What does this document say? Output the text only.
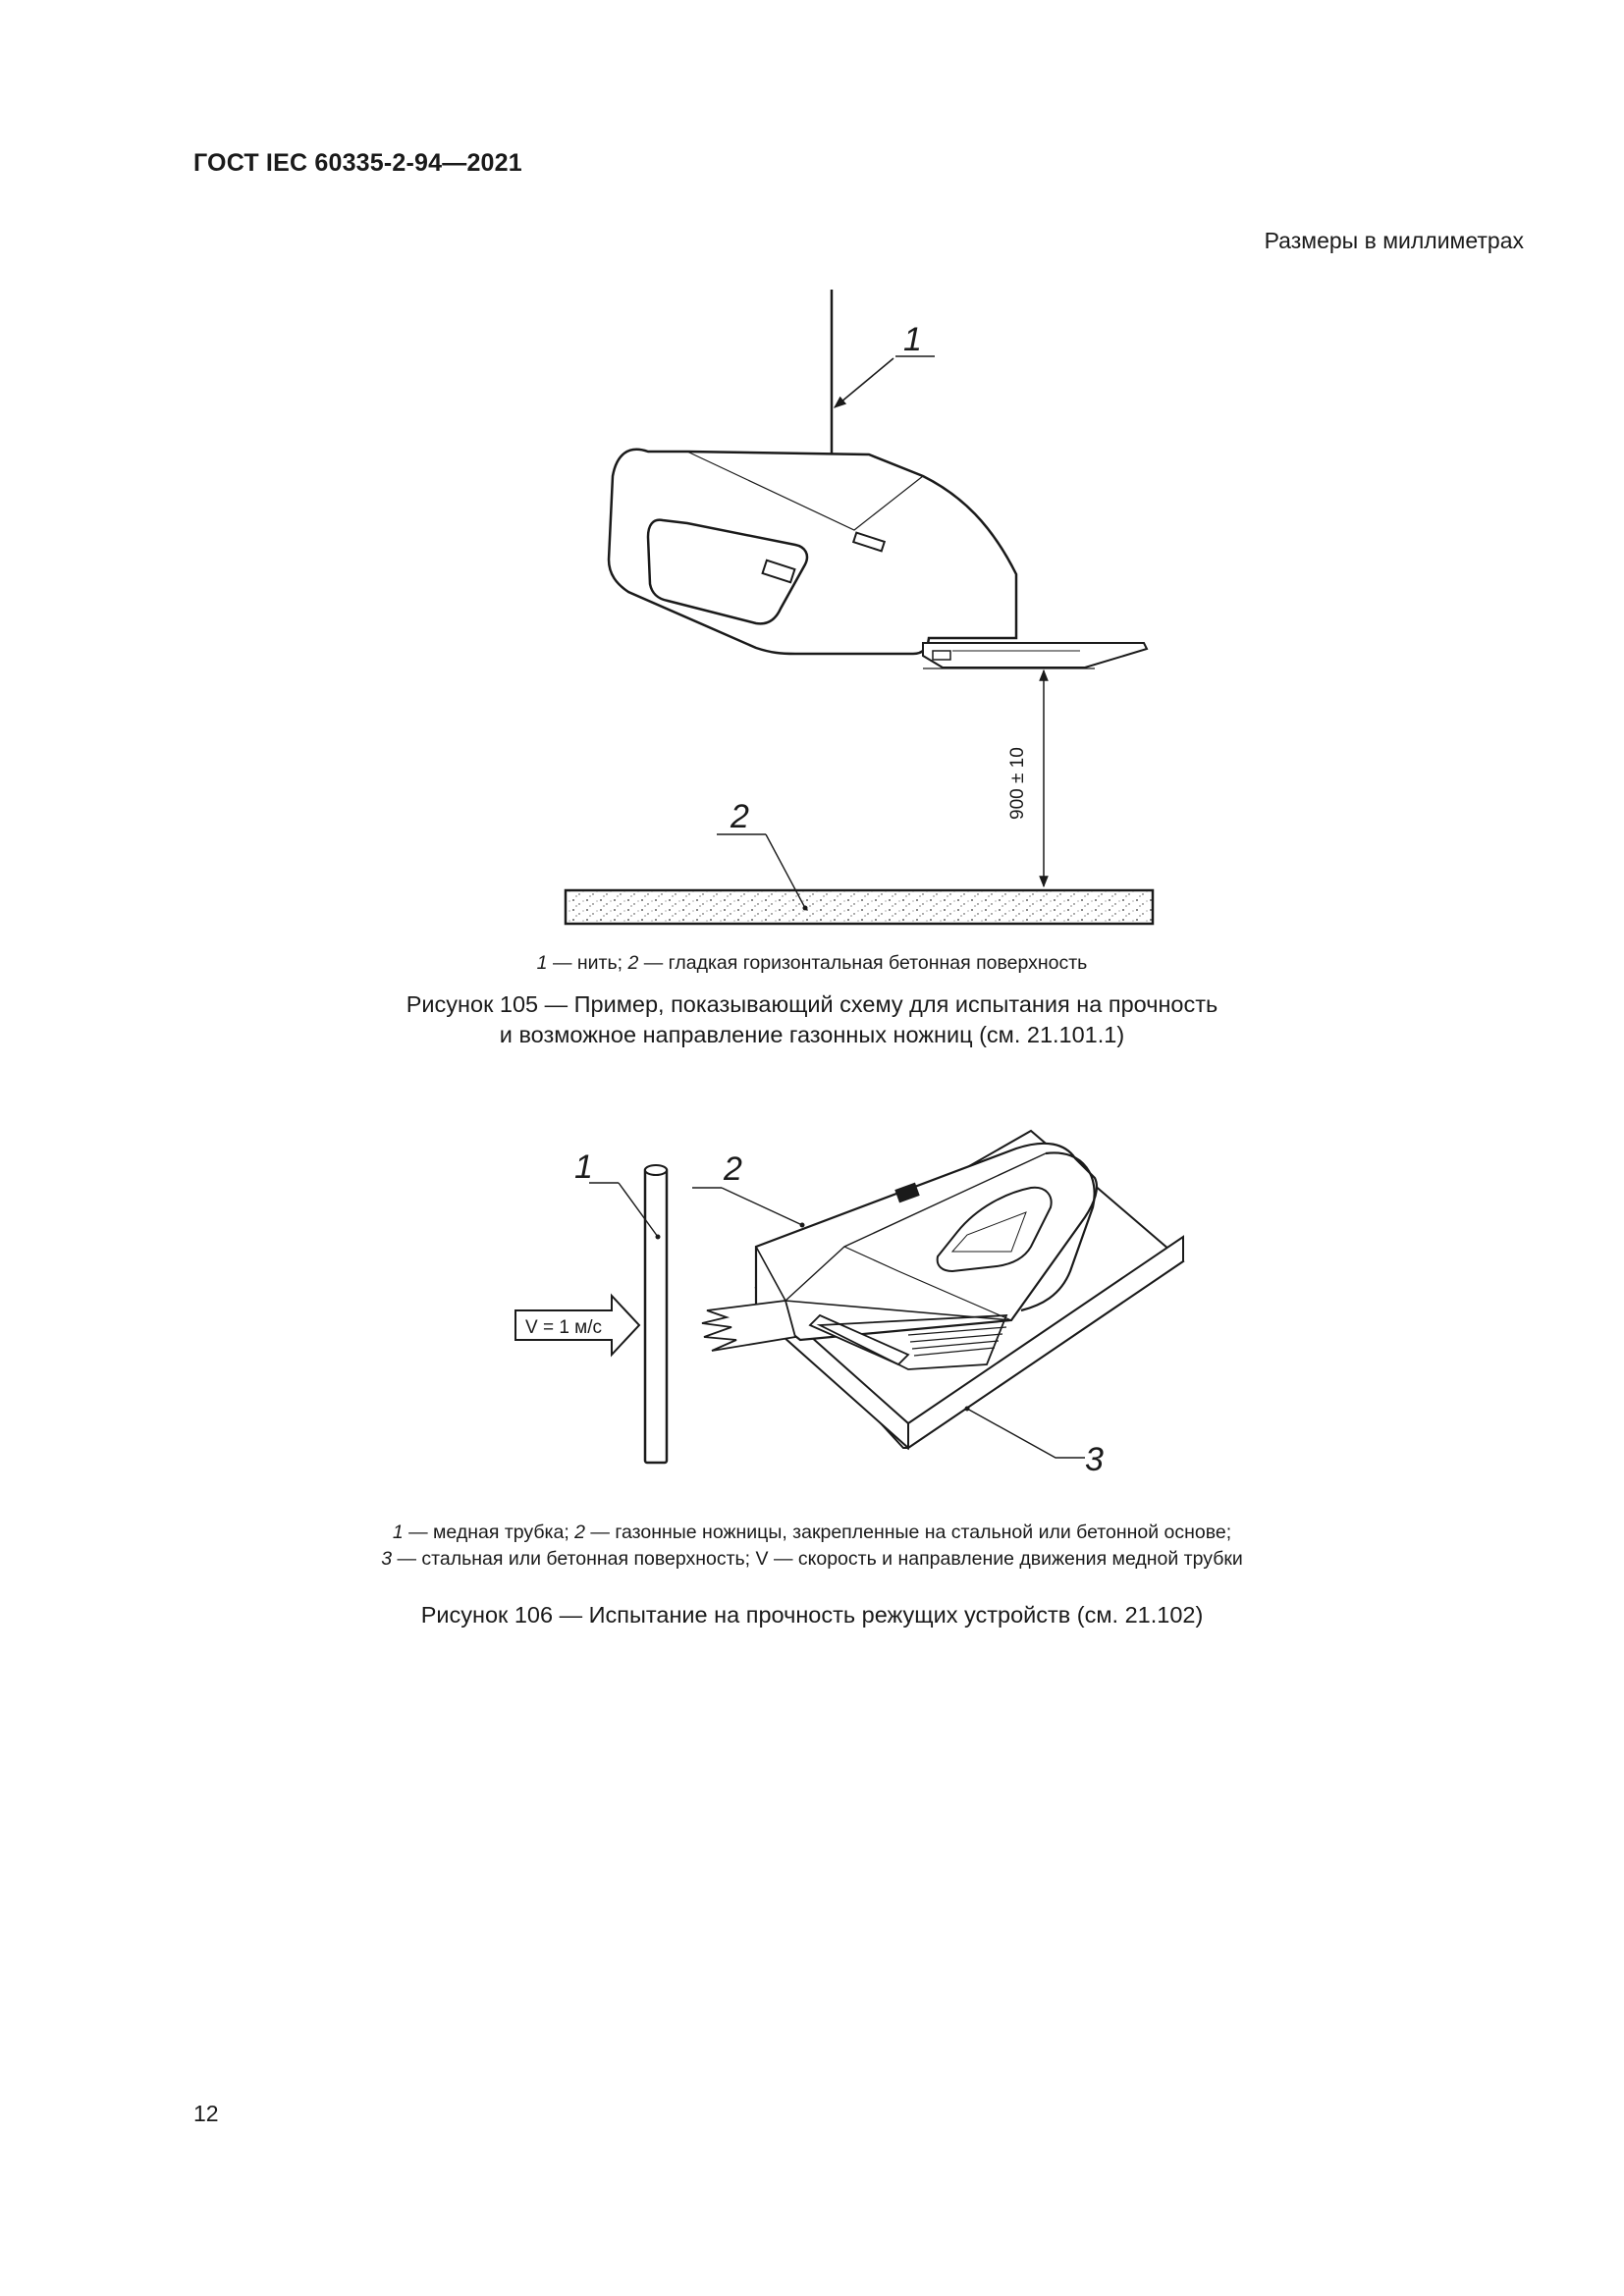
ГОСТ IEC 60335-2-94—2021
Размеры в миллиметрах
1
900 ± 10
2
1 — нить; 2 — гладкая горизонтальная бетонная поверхность
Рисунок 105 — Пример, показывающий схему для испытания на прочность
и возможное направление газонных ножниц (см. 21.101.1)
V = 1 м/с
1	2
3
1 — медная трубка; 2 — газонные ножницы, закрепленные на стальной или бетонной основе;
3 — стальная или бетонная поверхность; V — скорость и направление движения медной трубки
Рисунок 106 — Испытание на прочность режущих устройств (см. 21.102)
12
